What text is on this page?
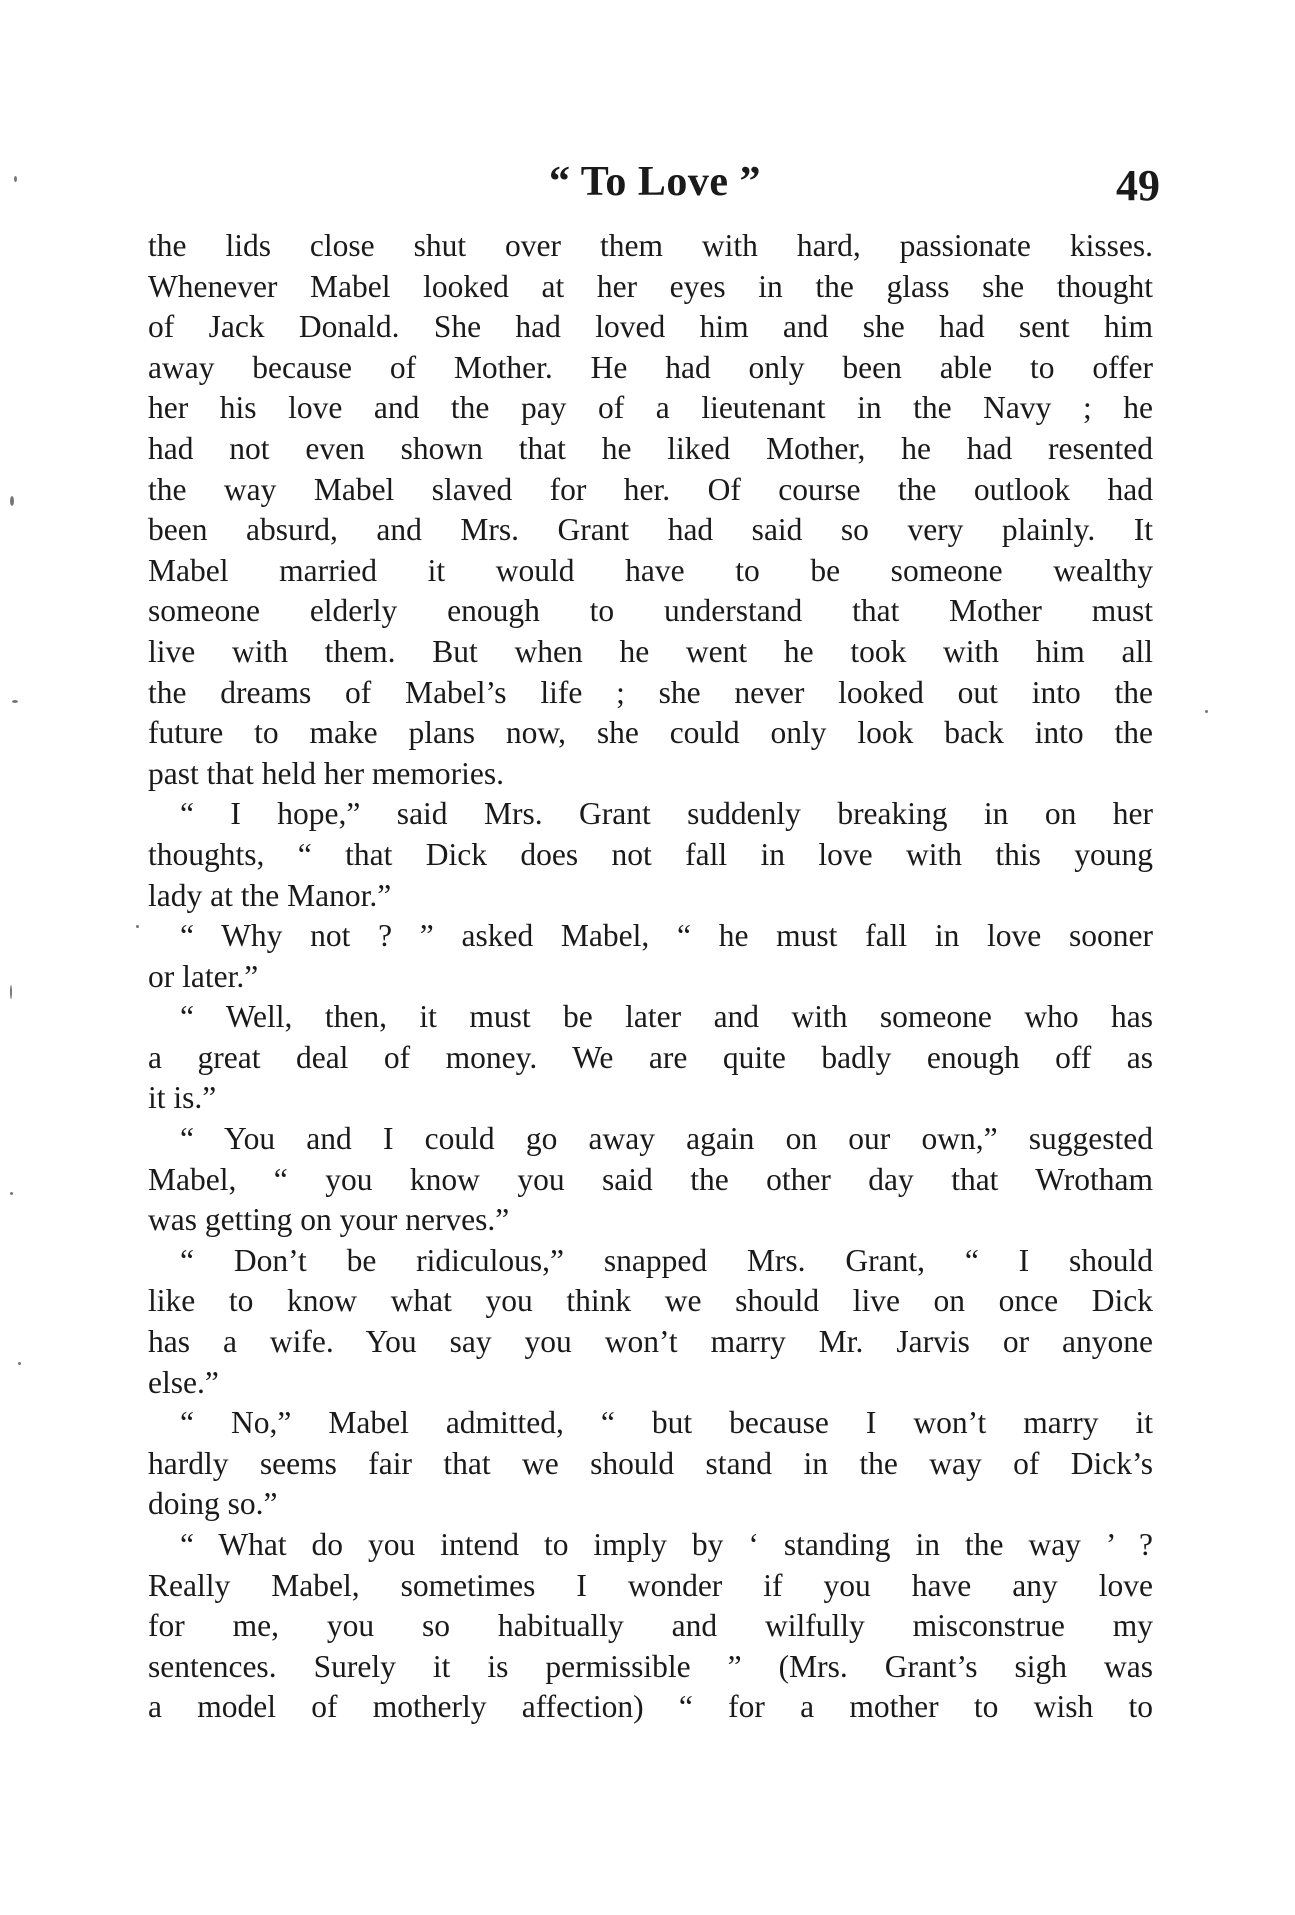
“ To Love ”	49
the lids close shut over them with hard, passionate kisses.
Whenever Mabel looked at her eyes in the glass she thought
of Jack Donald. She had loved him and she had sent him
away because of Mother. He had only been able to offer
her his love and the pay of a lieutenant in the Navy ; he
had not even shown that he liked Mother, he had resented
the way Mabel slaved for her. Of course the outlook had
been absurd, and Mrs. Grant had said so very plainly. It
Mabel married it would have to be someone wealthy
someone elderly enough to understand that Mother must
live with them. But when he went he took with him all
the dreams of Mabel’s life ; she never looked out into the
future to make plans now, she could only look back into the
past that held her memories.
“ I hope,” said Mrs. Grant suddenly breaking in on her
thoughts, “ that Dick does not fall in love with this young
lady at the Manor.”
“ Why not ? ” asked Mabel, “ he must fall in love sooner
or later.”
“ Well, then, it must be later and with someone who has
a great deal of money. We are quite badly enough off as
it is.”
“ You and I could go away again on our own,” suggested
Mabel, “ you know you said the other day that Wrotham
was getting on your nerves.”
“ Don’t be ridiculous,” snapped Mrs. Grant, “ I should
like to know what you think we should live on once Dick
has a wife. You say you won’t marry Mr. Jarvis or anyone
else.”
“ No,” Mabel admitted, “ but because I won’t marry it
hardly seems fair that we should stand in the way of Dick’s
doing so.”
“ What do you intend to imply by ‘ standing in the way ’ ?
Really Mabel, sometimes I wonder if you have any love
for me, you so habitually and wilfully misconstrue my
sentences. Surely it is permissible ” (Mrs. Grant’s sigh was
a model of motherly affection) “ for a mother to wish to
